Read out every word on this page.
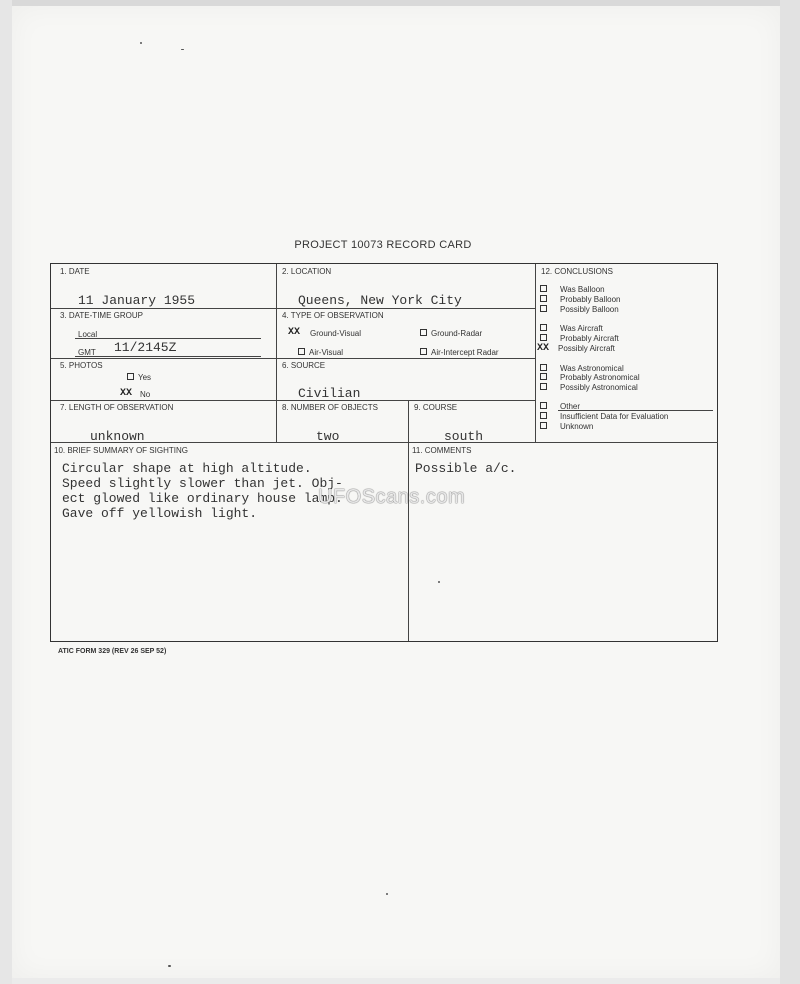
PROJECT 10073 RECORD CARD
1. DATE
11 January 1955
2. LOCATION
Queens, New York City
3. DATE-TIME GROUP
Local
GMT 11/2145Z
4. TYPE OF OBSERVATION
XX Ground-Visual	Ground-Radar
Air-Visual	Air-Intercept Radar
5. PHOTOS
Yes
XX No
6. SOURCE
Civilian
7. LENGTH OF OBSERVATION
unknown
8. NUMBER OF OBJECTS
two
9. COURSE
south
12. CONCLUSIONS
Was Balloon
Probably Balloon
Possibly Balloon
Was Aircraft
Probably Aircraft
XX Possibly Aircraft
Was Astronomical
Probably Astronomical
Possibly Astronomical
Other
Insufficient Data for Evaluation
Unknown
10. BRIEF SUMMARY OF SIGHTING
Circular shape at high altitude.
Speed slightly slower than jet. Obj-
ect glowed like ordinary house lamp.
Gave off yellowish light.
11. COMMENTS
Possible a/c.
UFOScans.com
ATIC FORM 329 (REV 26 SEP 52)
